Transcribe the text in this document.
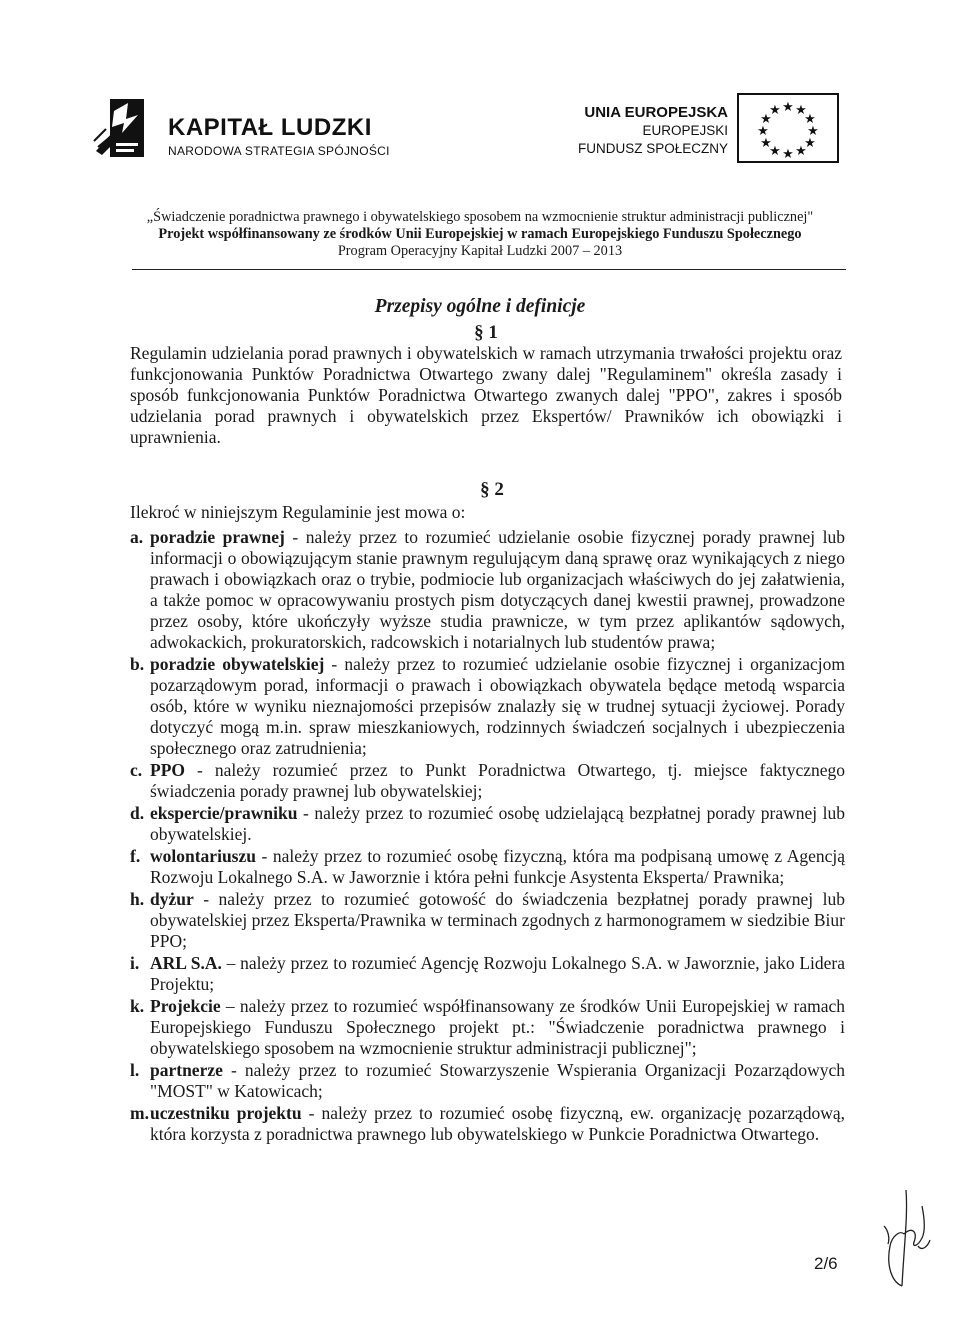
KAPITAŁ LUDZKI
NARODOWA STRATEGIA SPÓJNOŚCI
UNIA EUROPEJSKA
EUROPEJSKI
FUNDUSZ SPOŁECZNY
★ ★
★
★
★
★
★
★
★
★
★
★
„Świadczenie poradnictwa prawnego i obywatelskiego sposobem na wzmocnienie struktur administracji publicznej"
Projekt współfinansowany ze środków Unii Europejskiej w ramach Europejskiego Funduszu Społecznego
Program Operacyjny Kapitał Ludzki 2007 – 2013
Przepisy ogólne i definicje
§ 1
Regulamin udzielania porad prawnych i obywatelskich w ramach utrzymania trwałości projektu oraz funkcjonowania Punktów Poradnictwa Otwartego zwany dalej "Regulaminem" określa zasady i sposób funkcjonowania Punktów Poradnictwa Otwartego zwanych dalej "PPO", zakres i sposób udzielania porad prawnych i obywatelskich przez Ekspertów/ Prawników ich obowiązki i uprawnienia.
§ 2
Ilekroć w niniejszym Regulaminie jest mowa o:
a. poradzie prawnej - należy przez to rozumieć udzielanie osobie fizycznej porady prawnej lub informacji o obowiązującym stanie prawnym regulującym daną sprawę oraz wynikających z niego prawach i obowiązkach oraz o trybie, podmiocie lub organizacjach właściwych do jej załatwienia, a także pomoc w opracowywaniu prostych pism dotyczących danej kwestii prawnej, prowadzone przez osoby, które ukończyły wyższe studia prawnicze, w tym przez aplikantów sądowych, adwokackich, prokuratorskich, radcowskich i notarialnych lub studentów prawa;
b. poradzie obywatelskiej - należy przez to rozumieć udzielanie osobie fizycznej i organizacjom pozarządowym porad, informacji o prawach i obowiązkach obywatela będące metodą wsparcia osób, które w wyniku nieznajomości przepisów znalazły się w trudnej sytuacji życiowej. Porady dotyczyć mogą m.in. spraw mieszkaniowych, rodzinnych świadczeń socjalnych i ubezpieczenia społecznego oraz zatrudnienia;
c. PPO - należy rozumieć przez to Punkt Poradnictwa Otwartego, tj. miejsce faktycznego świadczenia porady prawnej lub obywatelskiej;
d. ekspercie/prawniku - należy przez to rozumieć osobę udzielającą bezpłatnej porady prawnej lub obywatelskiej.
f. wolontariuszu - należy przez to rozumieć osobę fizyczną, która ma podpisaną umowę z Agencją Rozwoju Lokalnego S.A. w Jaworznie i która pełni funkcje Asystenta Eksperta/ Prawnika;
h. dyżur - należy przez to rozumieć gotowość do świadczenia bezpłatnej porady prawnej lub obywatelskiej przez Eksperta/Prawnika w terminach zgodnych z harmonogramem w siedzibie Biur PPO;
i. ARL S.A. – należy przez to rozumieć Agencję Rozwoju Lokalnego S.A. w Jaworznie, jako Lidera Projektu;
k. Projekcie – należy przez to rozumieć współfinansowany ze środków Unii Europejskiej w ramach Europejskiego Funduszu Społecznego projekt pt.: "Świadczenie poradnictwa prawnego i obywatelskiego sposobem na wzmocnienie struktur administracji publicznej";
l. partnerze - należy przez to rozumieć Stowarzyszenie Wspierania Organizacji Pozarządowych "MOST" w Katowicach;
m. uczestniku projektu - należy przez to rozumieć osobę fizyczną, ew. organizację pozarządową, która korzysta z poradnictwa prawnego lub obywatelskiego w Punkcie Poradnictwa Otwartego.
2/6
